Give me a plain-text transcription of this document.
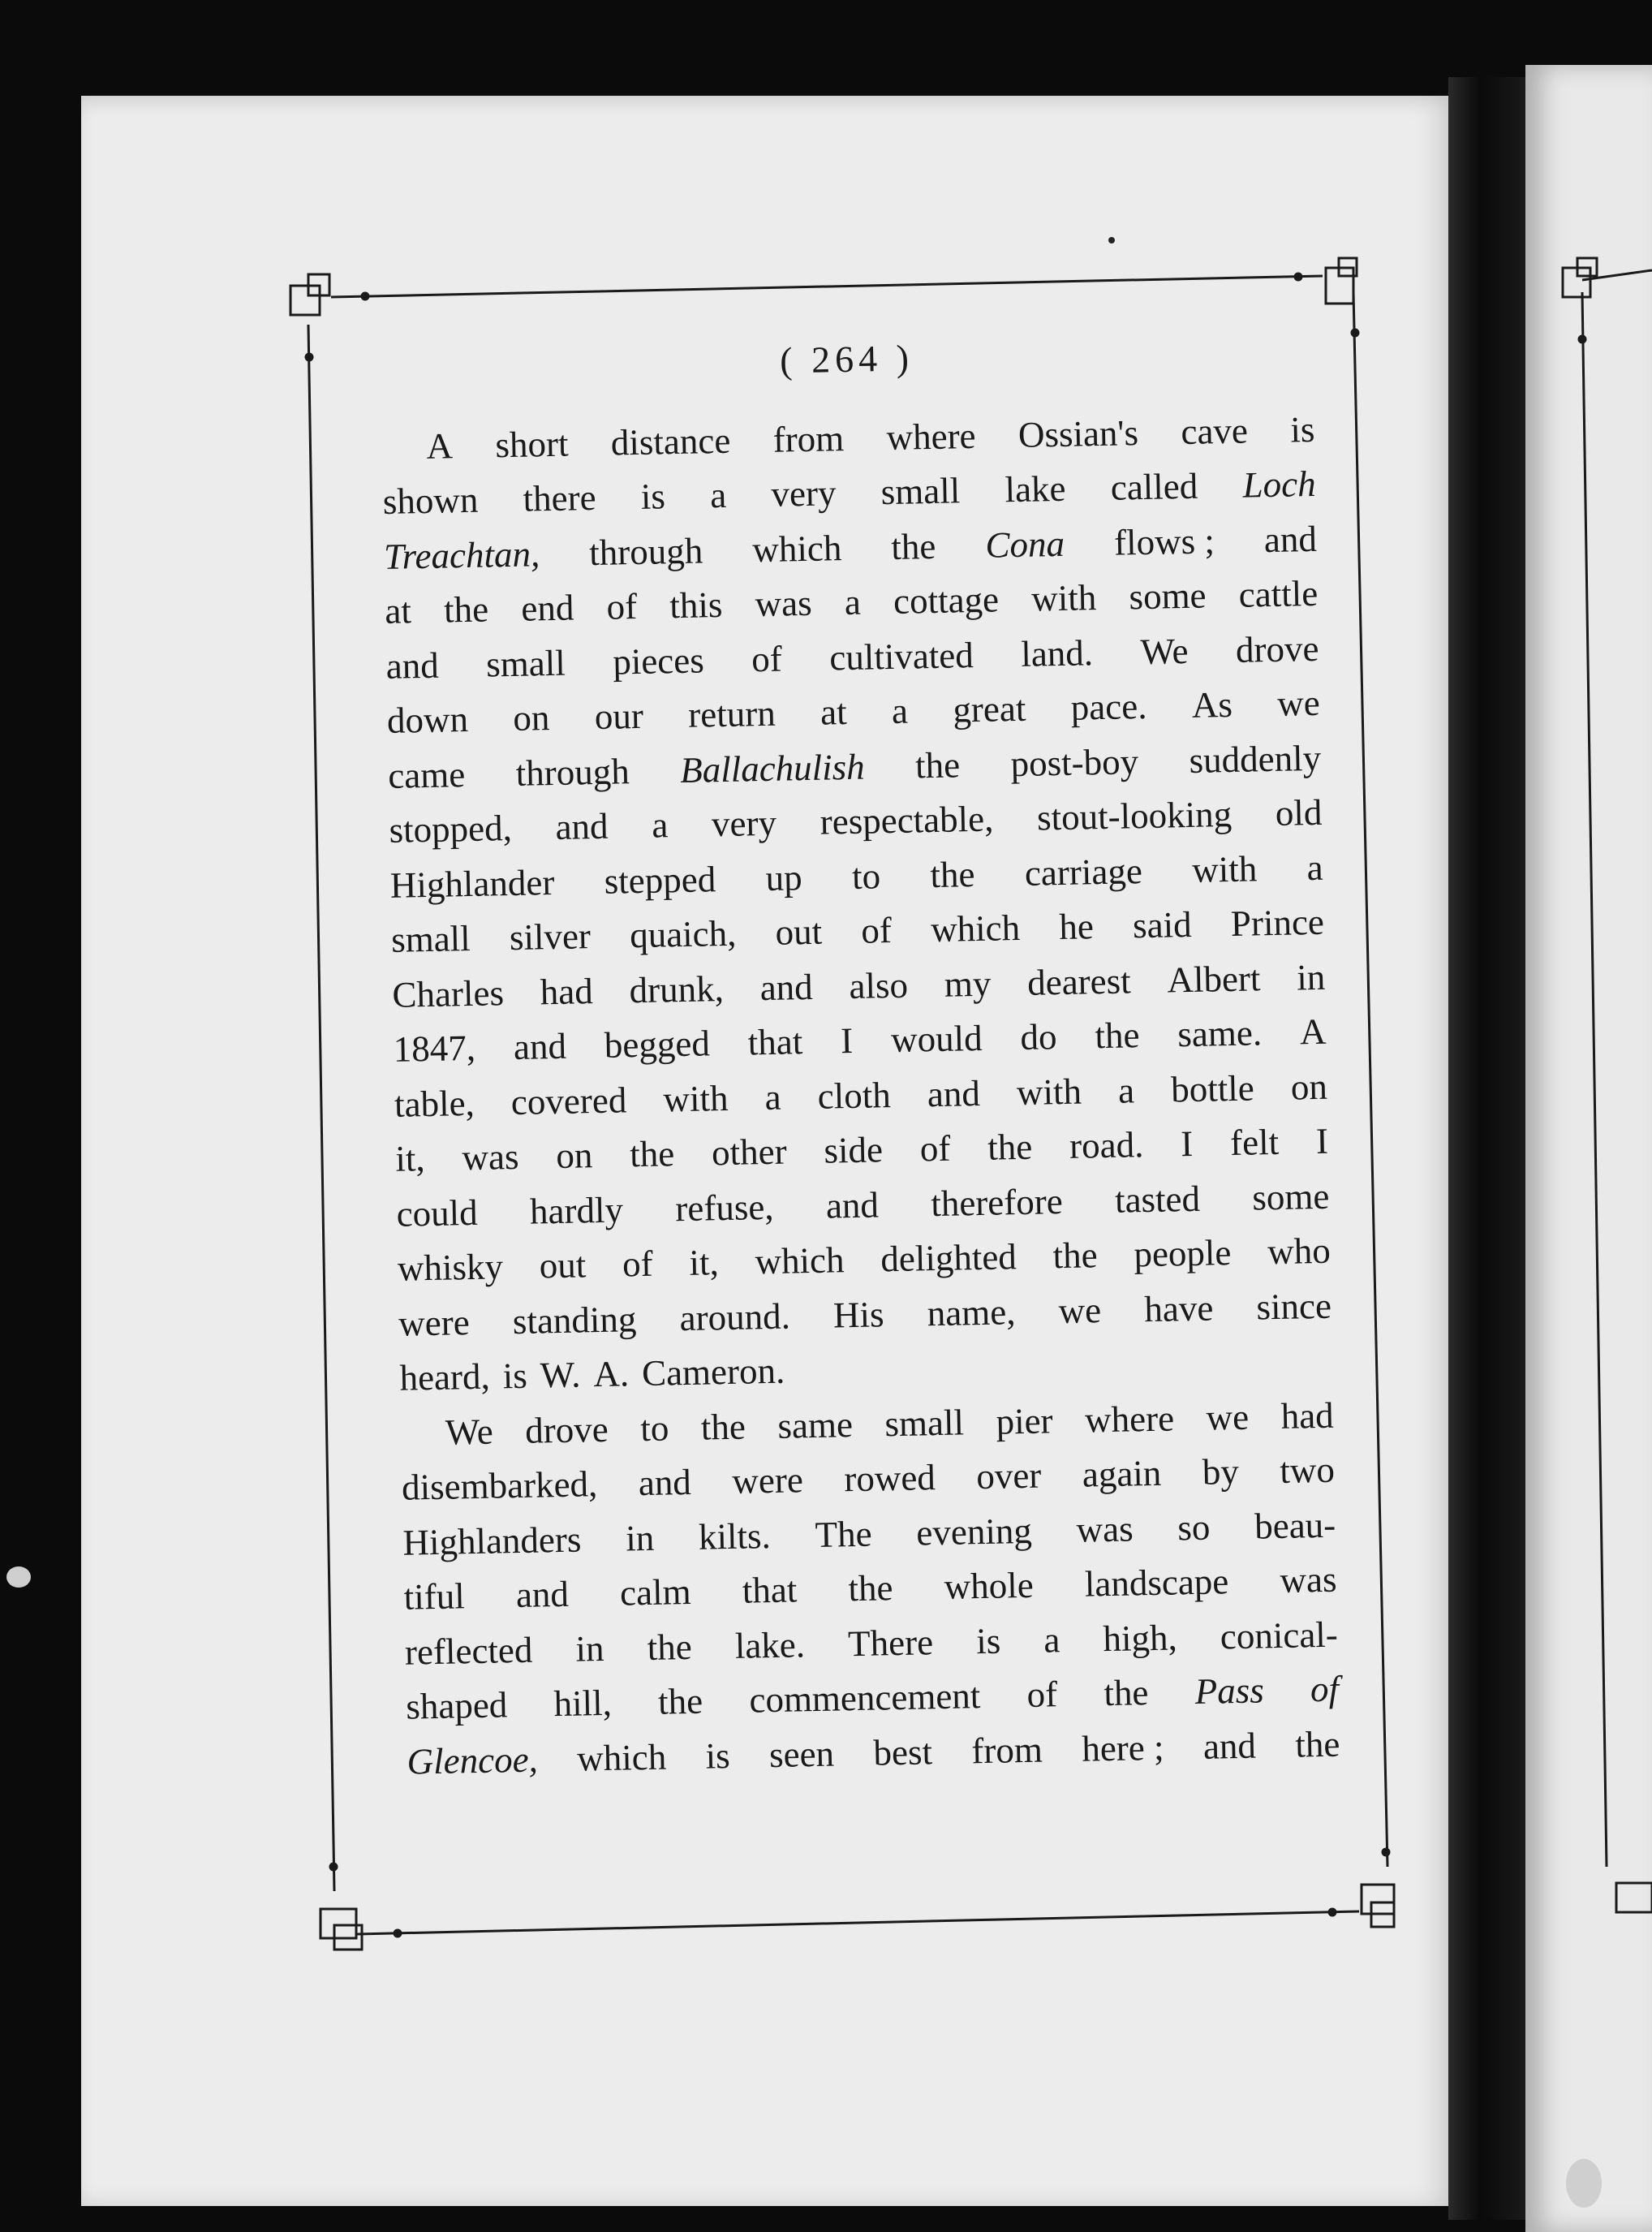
( 264 )
A short distance from where Ossian's cave is
shown there is a very small lake called Loch
Treachtan, through which the Cona flows ; and
at the end of this was a cottage with some cattle
and small pieces of cultivated land. We drove
down on our return at a great pace. As we
came through Ballachulish the post-boy suddenly
stopped, and a very respectable, stout-looking old
Highlander stepped up to the carriage with a
small silver quaich, out of which he said Prince
Charles had drunk, and also my dearest Albert in
1847, and begged that I would do the same. A
table, covered with a cloth and with a bottle on
it, was on the other side of the road. I felt I
could hardly refuse, and therefore tasted some
whisky out of it, which delighted the people who
were standing around. His name, we have since
heard, is W. A. Cameron.
We drove to the same small pier where we had
disembarked, and were rowed over again by two
Highlanders in kilts. The evening was so beau-
tiful and calm that the whole landscape was
reflected in the lake. There is a high, conical-
shaped hill, the commencement of the Pass of
Glencoe, which is seen best from here ; and the
